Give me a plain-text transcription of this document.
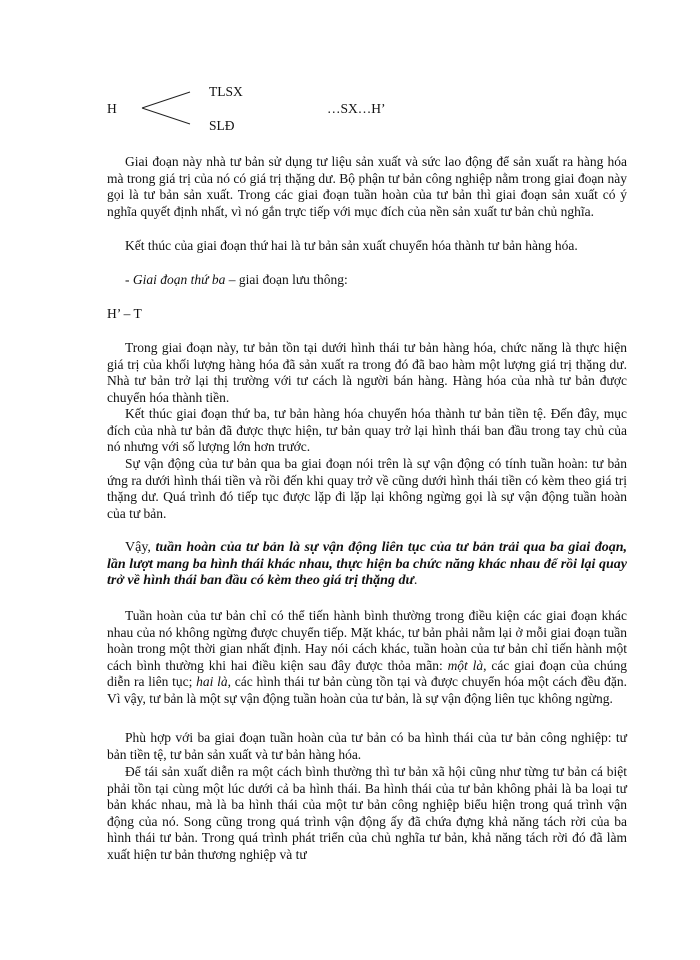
H
TLSX
SLĐ
…SX…H’

Giai đoạn này nhà tư bản sử dụng tư liệu sản xuất và sức lao động để sản xuất ra hàng hóa mà trong giá trị của nó có giá trị thặng dư. Bộ phận tư bản công nghiệp nằm trong giai đoạn này gọi là tư bản sản xuất. Trong các giai đoạn tuần hoàn của tư bản thì giai đoạn sản xuất có ý nghĩa quyết định nhất, vì nó gắn trực tiếp với mục đích của nền sản xuất tư bản chủ nghĩa.

Kết thúc của giai đoạn thứ hai là tư bản sản xuất chuyển hóa thành tư bản hàng hóa.

- Giai đoạn thứ ba – giai đoạn lưu thông:

H’ – T

Trong giai đoạn này, tư bản tồn tại dưới hình thái tư bản hàng hóa, chức năng là thực hiện giá trị của khối lượng hàng hóa đã sản xuất ra trong đó đã bao hàm một lượng giá trị thặng dư. Nhà tư bản trở lại thị trường với tư cách là người bán hàng. Hàng hóa của nhà tư bản được chuyển hóa thành tiền.

Kết thúc giai đoạn thứ ba, tư bản hàng hóa chuyển hóa thành tư bản tiền tệ. Đến đây, mục đích của nhà tư bản đã được thực hiện, tư bản quay trở lại hình thái ban đầu trong tay chủ của nó nhưng với số lượng lớn hơn trước.

Sự vận động của tư bản qua ba giai đoạn nói trên là sự vận động có tính tuần hoàn: tư bản ứng ra dưới hình thái tiền và rồi đến khi quay trở về cũng dưới hình thái tiền có kèm theo giá trị thặng dư. Quá trình đó tiếp tục được lặp đi lặp lại không ngừng gọi là sự vận động tuần hoàn của tư bản.

Vậy, tuần hoàn của tư bản là sự vận động liên tục của tư bản trải qua ba giai đoạn, lần lượt mang ba hình thái khác nhau, thực hiện ba chức năng khác nhau để rồi lại quay trở về hình thái ban đầu có kèm theo giá trị thặng dư.

Tuần hoàn của tư bản chỉ có thể tiến hành bình thường trong điều kiện các giai đoạn khác nhau của nó không ngừng được chuyển tiếp. Mặt khác, tư bản phải nằm lại ở mỗi giai đoạn tuần hoàn trong một thời gian nhất định. Hay nói cách khác, tuần hoàn của tư bản chỉ tiến hành một cách bình thường khi hai điều kiện sau đây được thỏa mãn: một là, các giai đoạn của chúng diễn ra liên tục; hai là, các hình thái tư bản cùng tồn tại và được chuyển hóa một cách đều đặn. Vì vậy, tư bản là một sự vận động tuần hoàn của tư bản, là sự vận động liên tục không ngừng.

Phù hợp với ba giai đoạn tuần hoàn của tư bản có ba hình thái của tư bản công nghiệp: tư bản tiền tệ, tư bản sản xuất và tư bản hàng hóa.

Để tái sản xuất diễn ra một cách bình thường thì tư bản xã hội cũng như từng tư bản cá biệt phải tồn tại cùng một lúc dưới cả ba hình thái. Ba hình thái của tư bản không phải là ba loại tư bản khác nhau, mà là ba hình thái của một tư bản công nghiệp biểu hiện trong quá trình vận động của nó. Song cũng trong quá trình vận động ấy đã chứa đựng khả năng tách rời của ba hình thái tư bản. Trong quá trình phát triển của chủ nghĩa tư bản, khả năng tách rời đó đã làm xuất hiện tư bản thương nghiệp và tư
